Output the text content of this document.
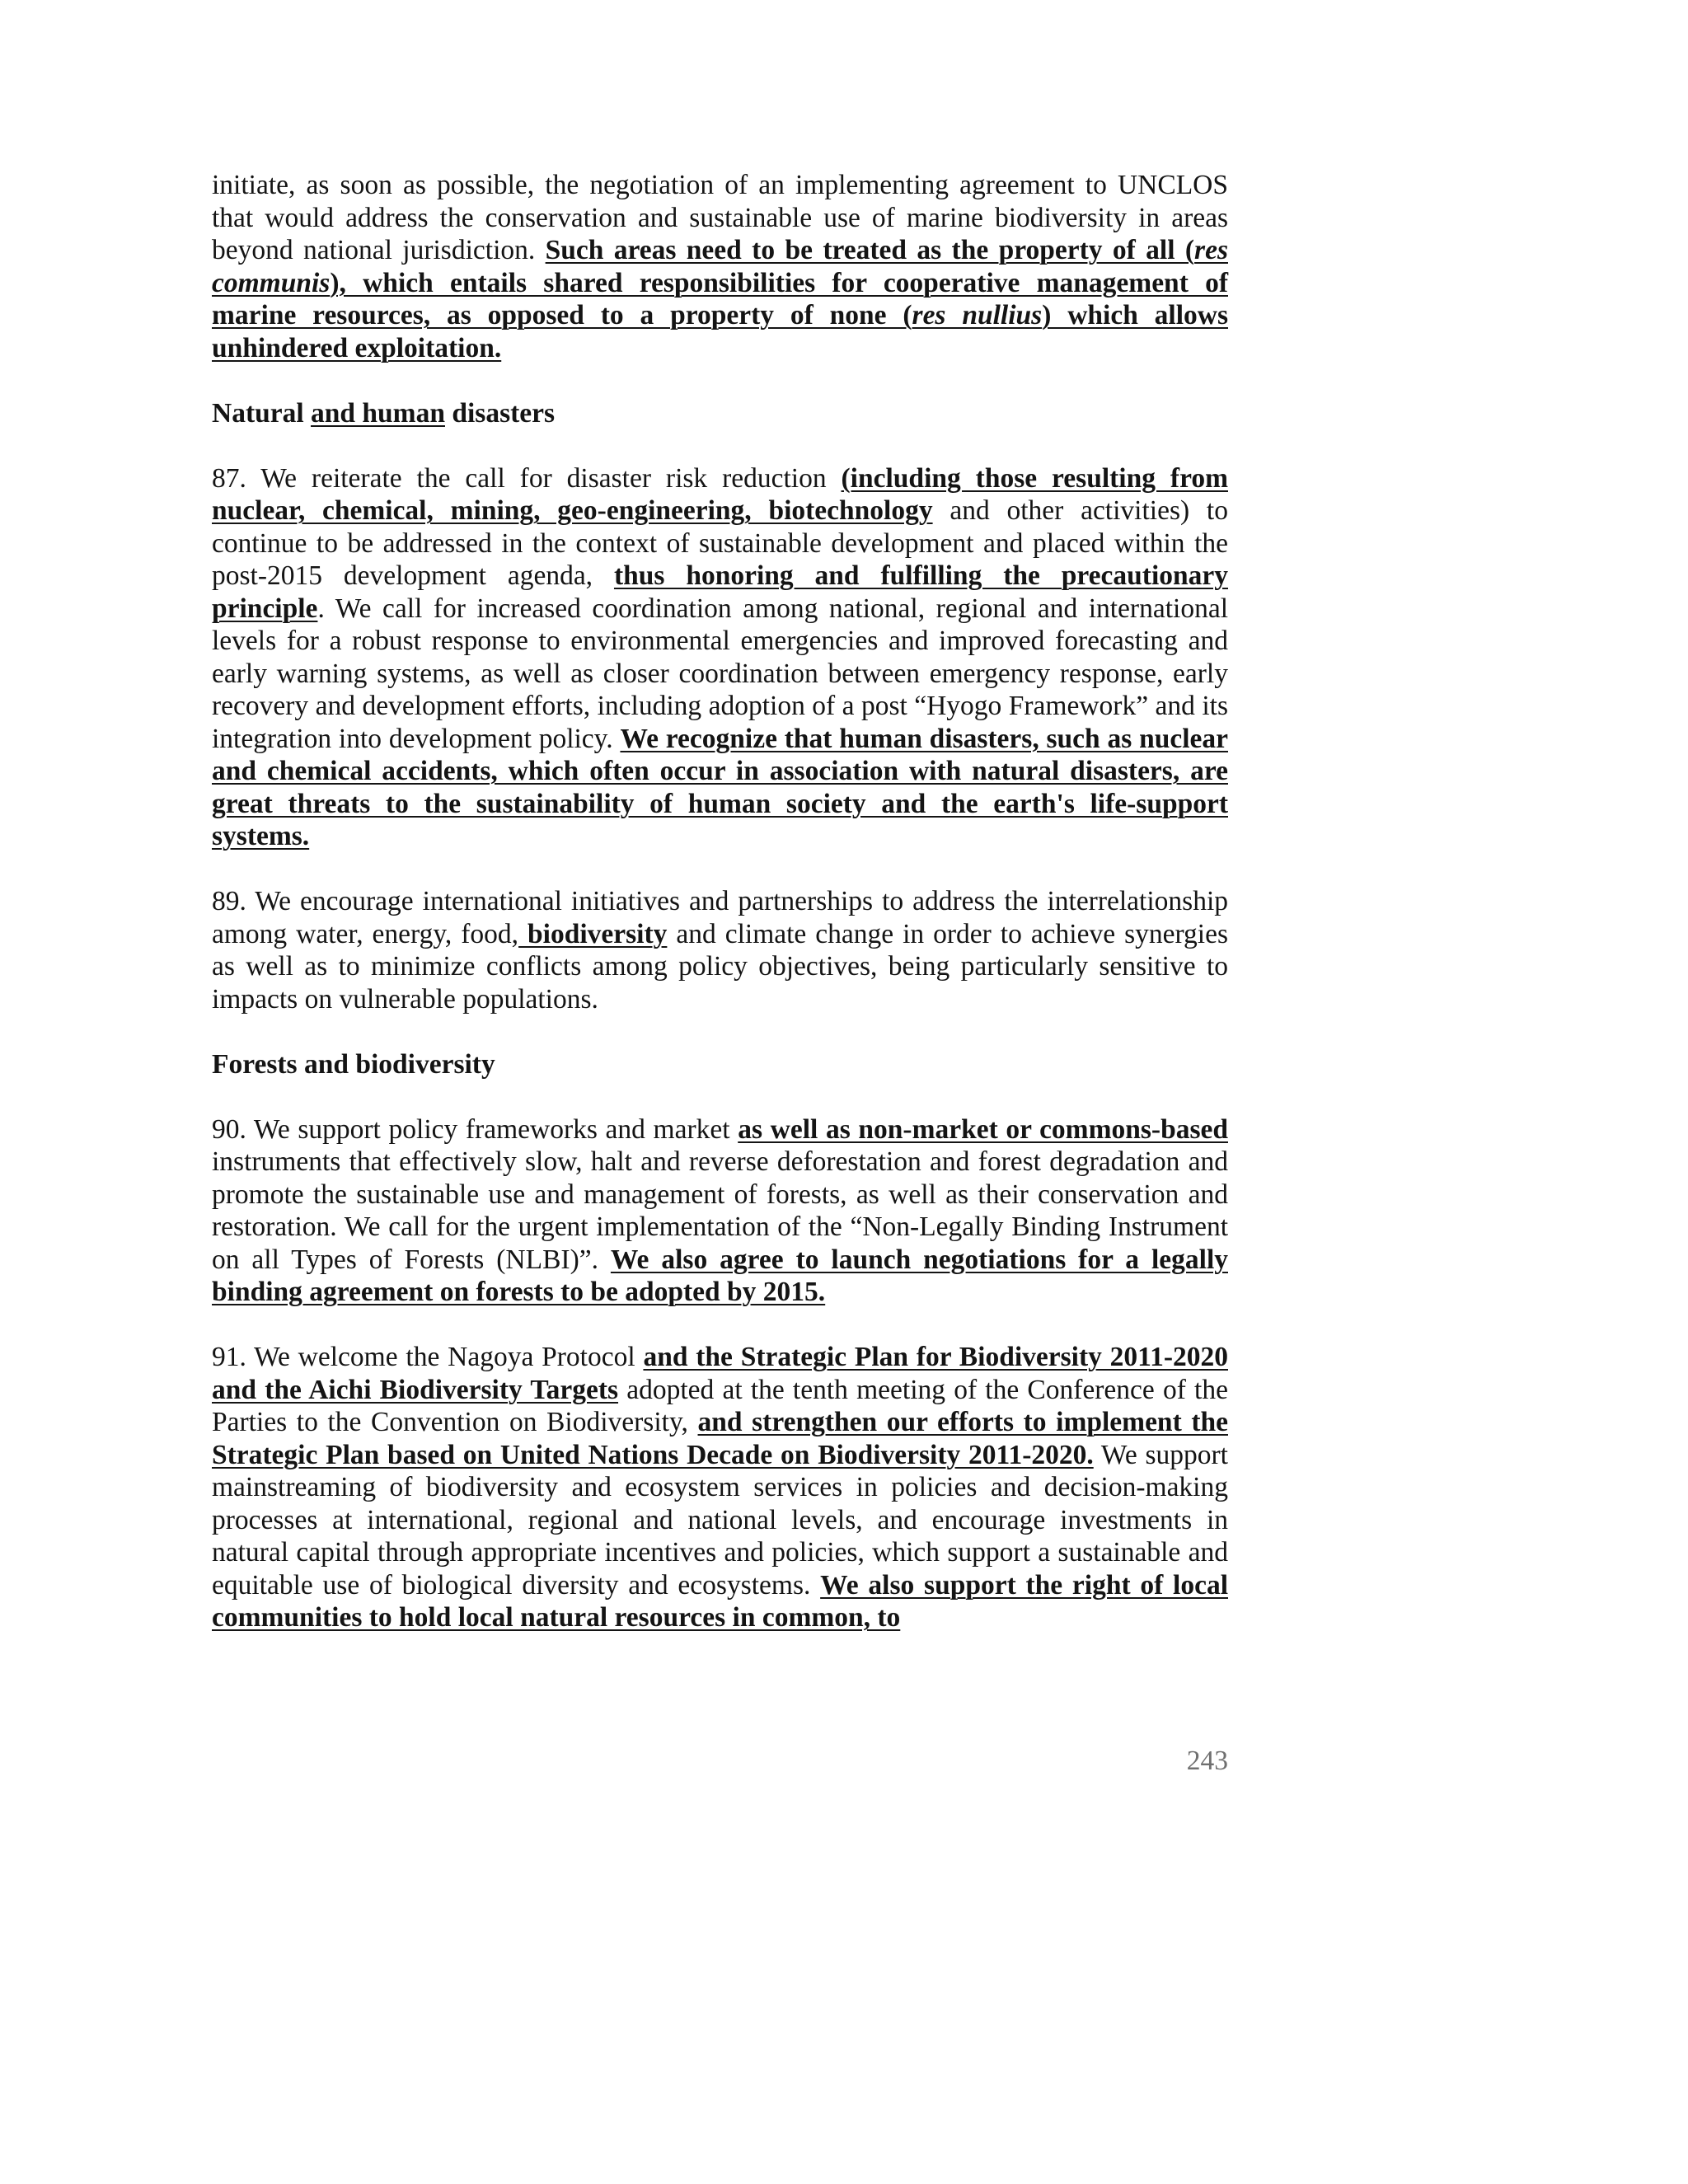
initiate, as soon as possible, the negotiation of an implementing agreement to UNCLOS that would address the conservation and sustainable use of marine biodiversity in areas beyond national jurisdiction. Such areas need to be treated as the property of all (res communis), which entails shared responsibilities for cooperative management of marine resources, as opposed to a property of none (res nullius) which allows unhindered exploitation.

Natural and human disasters

87. We reiterate the call for disaster risk reduction (including those resulting from nuclear, chemical, mining, geo-engineering, biotechnology and other activities) to continue to be addressed in the context of sustainable development and placed within the post-2015 development agenda, thus honoring and fulfilling the precautionary principle. We call for increased coordination among national, regional and international levels for a robust response to environmental emergencies and improved forecasting and early warning systems, as well as closer coordination between emergency response, early recovery and development efforts, including adoption of a post “Hyogo Framework” and its integration into development policy. We recognize that human disasters, such as nuclear and chemical accidents, which often occur in association with natural disasters, are great threats to the sustainability of human society and the earth's life-support systems.

89. We encourage international initiatives and partnerships to address the interrelationship among water, energy, food, biodiversity and climate change in order to achieve synergies as well as to minimize conflicts among policy objectives, being particularly sensitive to impacts on vulnerable populations.

Forests and biodiversity

90. We support policy frameworks and market as well as non-market or commons-based instruments that effectively slow, halt and reverse deforestation and forest degradation and promote the sustainable use and management of forests, as well as their conservation and restoration. We call for the urgent implementation of the “Non-Legally Binding Instrument on all Types of Forests (NLBI)”. We also agree to launch negotiations for a legally binding agreement on forests to be adopted by 2015.

91. We welcome the Nagoya Protocol and the Strategic Plan for Biodiversity 2011-2020 and the Aichi Biodiversity Targets adopted at the tenth meeting of the Conference of the Parties to the Convention on Biodiversity, and strengthen our efforts to implement the Strategic Plan based on United Nations Decade on Biodiversity 2011-2020. We support mainstreaming of biodiversity and ecosystem services in policies and decision-making processes at international, regional and national levels, and encourage investments in natural capital through appropriate incentives and policies, which support a sustainable and equitable use of biological diversity and ecosystems. We also support the right of local communities to hold local natural resources in common, to

243
